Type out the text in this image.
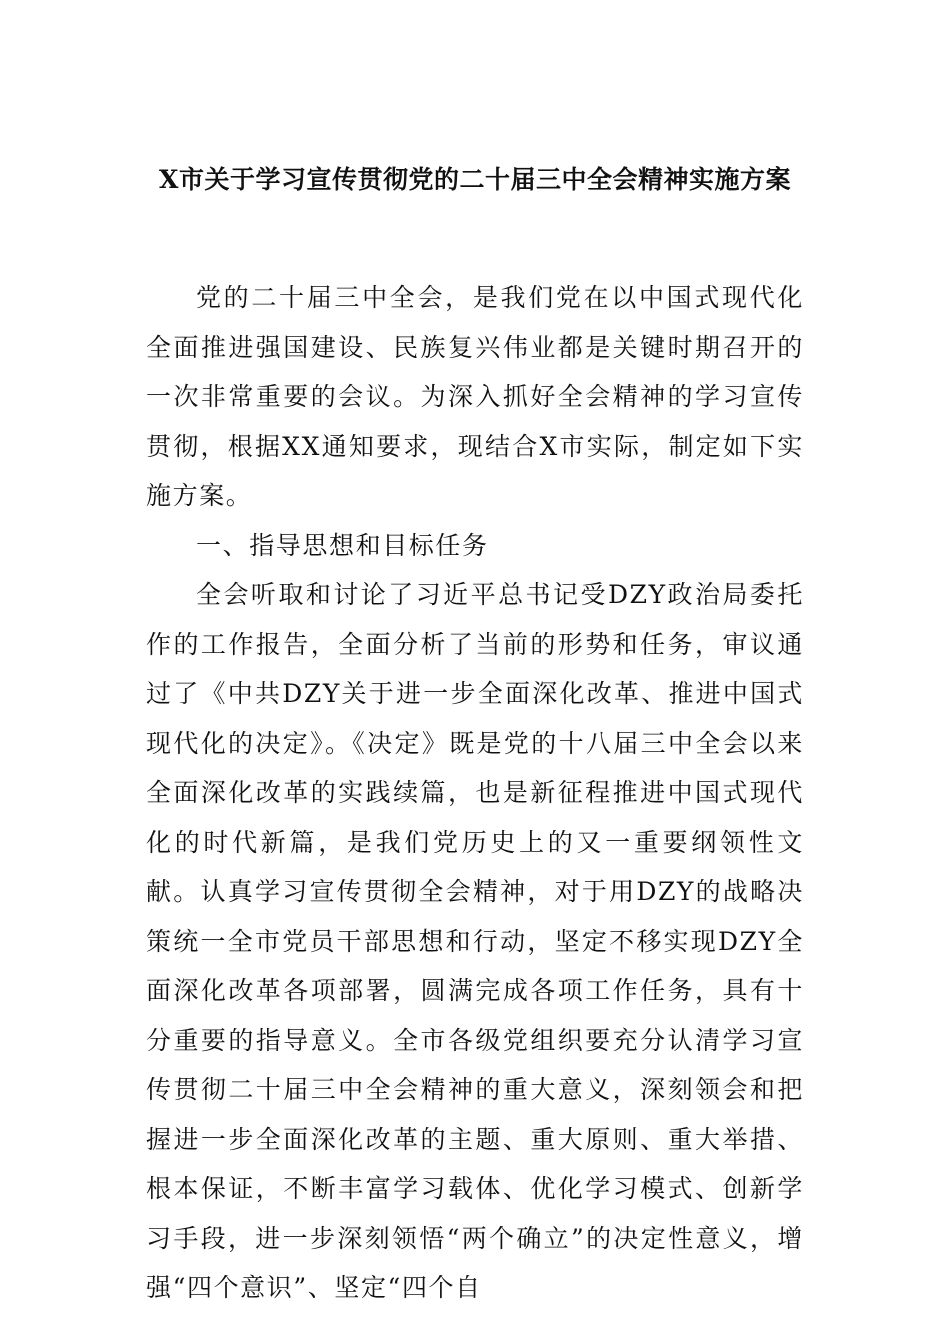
X市关于学习宣传贯彻党的二十届三中全会精神实施方案

党的二十届三中全会，是我们党在以中国式现代化全面推进强国建设、民族复兴伟业都是关键时期召开的一次非常重要的会议。为深入抓好全会精神的学习宣传贯彻，根据XX通知要求，现结合X市实际，制定如下实施方案。

一、指导思想和目标任务

全会听取和讨论了习近平总书记受DZY政治局委托作的工作报告，全面分析了当前的形势和任务，审议通过了《中共DZY关于进一步全面深化改革、推进中国式现代化的决定》。《决定》既是党的十八届三中全会以来全面深化改革的实践续篇，也是新征程推进中国式现代化的时代新篇，是我们党历史上的又一重要纲领性文献。认真学习宣传贯彻全会精神，对于用DZY的战略决策统一全市党员干部思想和行动，坚定不移实现DZY全面深化改革各项部署，圆满完成各项工作任务，具有十分重要的指导意义。全市各级党组织要充分认清学习宣传贯彻二十届三中全会精神的重大意义，深刻领会和把握进一步全面深化改革的主题、重大原则、重大举措、根本保证，不断丰富学习载体、优化学习模式、创新学习手段，进一步深刻领悟“两个确立”的决定性意义，增强“四个意识”、坚定“四个自
